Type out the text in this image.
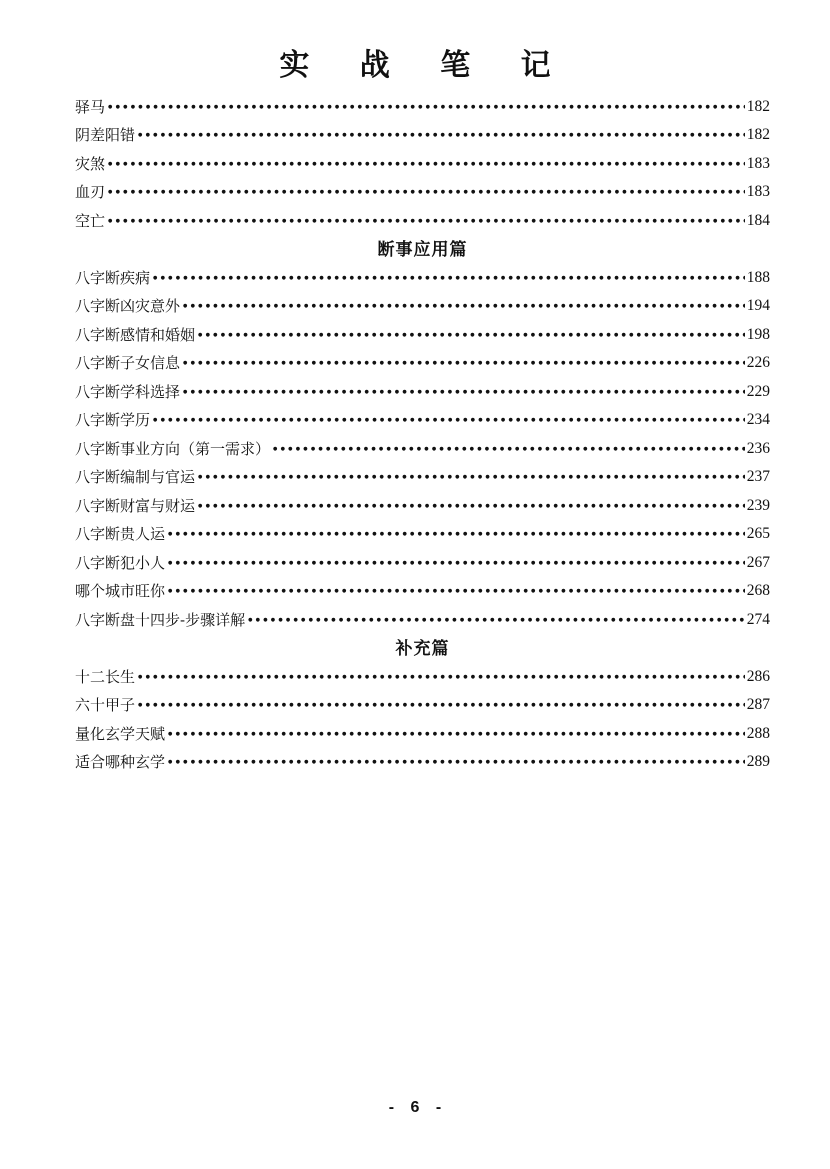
实 战 笔 记
驿马 ●●●●●●●●●●●●●●●●●●●●●●●●●●●●●●●●●●●●●●●●●●●●●●●●●●●●●●●●●●●●●●●●●●●●●●●●●●●●●●●●●●●●●●●●●●●●●●●●●●●●●●●●●●●●●●●●●●	182
阴差阳错 ●●●●●●●●●●●●●●●●●●●●●●●●●●●●●●●●●●●●●●●●●●●●●●●●●●●●●●●●●●●●●●●●●●●●●●●●●●●●●●●●●●●●●●●●●●●●●●●●●●●●●●●●●●●●●●●●●●	182
灾煞 ●●●●●●●●●●●●●●●●●●●●●●●●●●●●●●●●●●●●●●●●●●●●●●●●●●●●●●●●●●●●●●●●●●●●●●●●●●●●●●●●●●●●●●●●●●●●●●●●●●●●●●●●●●●●●●●●●●	183
血刃 ●●●●●●●●●●●●●●●●●●●●●●●●●●●●●●●●●●●●●●●●●●●●●●●●●●●●●●●●●●●●●●●●●●●●●●●●●●●●●●●●●●●●●●●●●●●●●●●●●●●●●●●●●●●●●●●●●●	183
空亡 ●●●●●●●●●●●●●●●●●●●●●●●●●●●●●●●●●●●●●●●●●●●●●●●●●●●●●●●●●●●●●●●●●●●●●●●●●●●●●●●●●●●●●●●●●●●●●●●●●●●●●●●●●●●●●●●●●●	184
断事应用篇
八字断疾病 ●●●●●●●●●●●●●●●●●●●●●●●●●●●●●●●●●●●●●●●●●●●●●●●●●●●●●●●●●●●●●●●●●●●●●●●●●●●●●●●●●●●●●●●●●●●●●●●●●●●●●●●●●●●●●●●●●●	188
八字断凶灾意外 ●●●●●●●●●●●●●●●●●●●●●●●●●●●●●●●●●●●●●●●●●●●●●●●●●●●●●●●●●●●●●●●●●●●●●●●●●●●●●●●●●●●●●●●●●●●●●●●●●●●●●●●●●●●●●●●●●●	194
八字断感情和婚姻 ●●●●●●●●●●●●●●●●●●●●●●●●●●●●●●●●●●●●●●●●●●●●●●●●●●●●●●●●●●●●●●●●●●●●●●●●●●●●●●●●●●●●●●●●●●●●●●●●●●●●●●●●●●●●●●●●●●	198
八字断子女信息 ●●●●●●●●●●●●●●●●●●●●●●●●●●●●●●●●●●●●●●●●●●●●●●●●●●●●●●●●●●●●●●●●●●●●●●●●●●●●●●●●●●●●●●●●●●●●●●●●●●●●●●●●●●●●●●●●●●	226
八字断学科选择 ●●●●●●●●●●●●●●●●●●●●●●●●●●●●●●●●●●●●●●●●●●●●●●●●●●●●●●●●●●●●●●●●●●●●●●●●●●●●●●●●●●●●●●●●●●●●●●●●●●●●●●●●●●●●●●●●●●	229
八字断学历 ●●●●●●●●●●●●●●●●●●●●●●●●●●●●●●●●●●●●●●●●●●●●●●●●●●●●●●●●●●●●●●●●●●●●●●●●●●●●●●●●●●●●●●●●●●●●●●●●●●●●●●●●●●●●●●●●●●	234
八字断事业方向（第一需求） ●●●●●●●●●●●●●●●●●●●●●●●●●●●●●●●●●●●●●●●●●●●●●●●●●●●●●●●●●●●●●●●●●●●●●●●●●●●●●●●●●●●●●●●●●●●●●●●●●●●●●●●●●●●●●●●●●●	236
八字断编制与官运 ●●●●●●●●●●●●●●●●●●●●●●●●●●●●●●●●●●●●●●●●●●●●●●●●●●●●●●●●●●●●●●●●●●●●●●●●●●●●●●●●●●●●●●●●●●●●●●●●●●●●●●●●●●●●●●●●●●	237
八字断财富与财运 ●●●●●●●●●●●●●●●●●●●●●●●●●●●●●●●●●●●●●●●●●●●●●●●●●●●●●●●●●●●●●●●●●●●●●●●●●●●●●●●●●●●●●●●●●●●●●●●●●●●●●●●●●●●●●●●●●●	239
八字断贵人运 ●●●●●●●●●●●●●●●●●●●●●●●●●●●●●●●●●●●●●●●●●●●●●●●●●●●●●●●●●●●●●●●●●●●●●●●●●●●●●●●●●●●●●●●●●●●●●●●●●●●●●●●●●●●●●●●●●●	265
八字断犯小人 ●●●●●●●●●●●●●●●●●●●●●●●●●●●●●●●●●●●●●●●●●●●●●●●●●●●●●●●●●●●●●●●●●●●●●●●●●●●●●●●●●●●●●●●●●●●●●●●●●●●●●●●●●●●●●●●●●●	267
哪个城市旺你 ●●●●●●●●●●●●●●●●●●●●●●●●●●●●●●●●●●●●●●●●●●●●●●●●●●●●●●●●●●●●●●●●●●●●●●●●●●●●●●●●●●●●●●●●●●●●●●●●●●●●●●●●●●●●●●●●●●	268
八字断盘十四步-步骤详解 ●●●●●●●●●●●●●●●●●●●●●●●●●●●●●●●●●●●●●●●●●●●●●●●●●●●●●●●●●●●●●●●●●●●●●●●●●●●●●●●●●●●●●●●●●●●●●●●●●●●●●●●●●●●●●●●●●●	274
补充篇
十二长生 ●●●●●●●●●●●●●●●●●●●●●●●●●●●●●●●●●●●●●●●●●●●●●●●●●●●●●●●●●●●●●●●●●●●●●●●●●●●●●●●●●●●●●●●●●●●●●●●●●●●●●●●●●●●●●●●●●●	286
六十甲子 ●●●●●●●●●●●●●●●●●●●●●●●●●●●●●●●●●●●●●●●●●●●●●●●●●●●●●●●●●●●●●●●●●●●●●●●●●●●●●●●●●●●●●●●●●●●●●●●●●●●●●●●●●●●●●●●●●●	287
量化玄学天赋 ●●●●●●●●●●●●●●●●●●●●●●●●●●●●●●●●●●●●●●●●●●●●●●●●●●●●●●●●●●●●●●●●●●●●●●●●●●●●●●●●●●●●●●●●●●●●●●●●●●●●●●●●●●●●●●●●●●	288
适合哪种玄学 ●●●●●●●●●●●●●●●●●●●●●●●●●●●●●●●●●●●●●●●●●●●●●●●●●●●●●●●●●●●●●●●●●●●●●●●●●●●●●●●●●●●●●●●●●●●●●●●●●●●●●●●●●●●●●●●●●●	289
- 6 -
